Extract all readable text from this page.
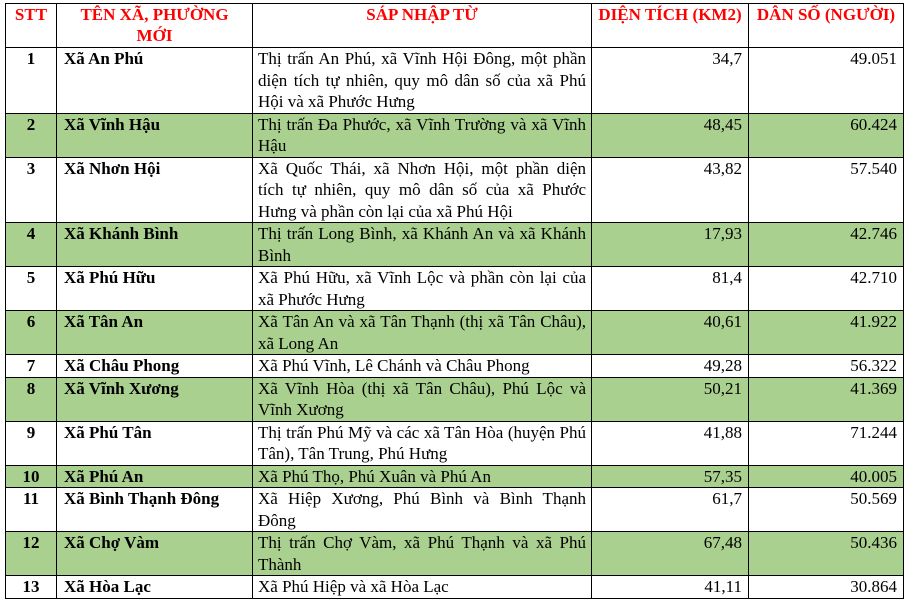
STT	TÊN XÃ, PHƯỜNG MỚI	SÁP NHẬP TỪ	DIỆN TÍCH (KM2)	DÂN SỐ (NGƯỜI)
1	Xã An Phú	Thị trấn An Phú, xã Vĩnh Hội Đông, một phần diện tích tự nhiên, quy mô dân số của xã Phú Hội và xã Phước Hưng	34,7	49.051
2	Xã Vĩnh Hậu	Thị trấn Đa Phước, xã Vĩnh Trường và xã Vĩnh Hậu	48,45	60.424
3	Xã Nhơn Hội	Xã Quốc Thái, xã Nhơn Hội, một phần diện tích tự nhiên, quy mô dân số của xã Phước Hưng và phần còn lại của xã Phú Hội	43,82	57.540
4	Xã Khánh Bình	Thị trấn Long Bình, xã Khánh An và xã Khánh Bình	17,93	42.746
5	Xã Phú Hữu	Xã Phú Hữu, xã Vĩnh Lộc và phần còn lại của xã Phước Hưng	81,4	42.710
6	Xã Tân An	Xã Tân An và xã Tân Thạnh (thị xã Tân Châu), xã Long An	40,61	41.922
7	Xã Châu Phong	Xã Phú Vĩnh, Lê Chánh và Châu Phong	49,28	56.322
8	Xã Vĩnh Xương	Xã Vĩnh Hòa (thị xã Tân Châu), Phú Lộc và Vĩnh Xương	50,21	41.369
9	Xã Phú Tân	Thị trấn Phú Mỹ và các xã Tân Hòa (huyện Phú Tân), Tân Trung, Phú Hưng	41,88	71.244
10	Xã Phú An	Xã Phú Thọ, Phú Xuân và Phú An	57,35	40.005
11	Xã Bình Thạnh Đông	Xã Hiệp Xương, Phú Bình và Bình Thạnh Đông	61,7	50.569
12	Xã Chợ Vàm	Thị trấn Chợ Vàm, xã Phú Thạnh và xã Phú Thành	67,48	50.436
13	Xã Hòa Lạc	Xã Phú Hiệp và xã Hòa Lạc	41,11	30.864
